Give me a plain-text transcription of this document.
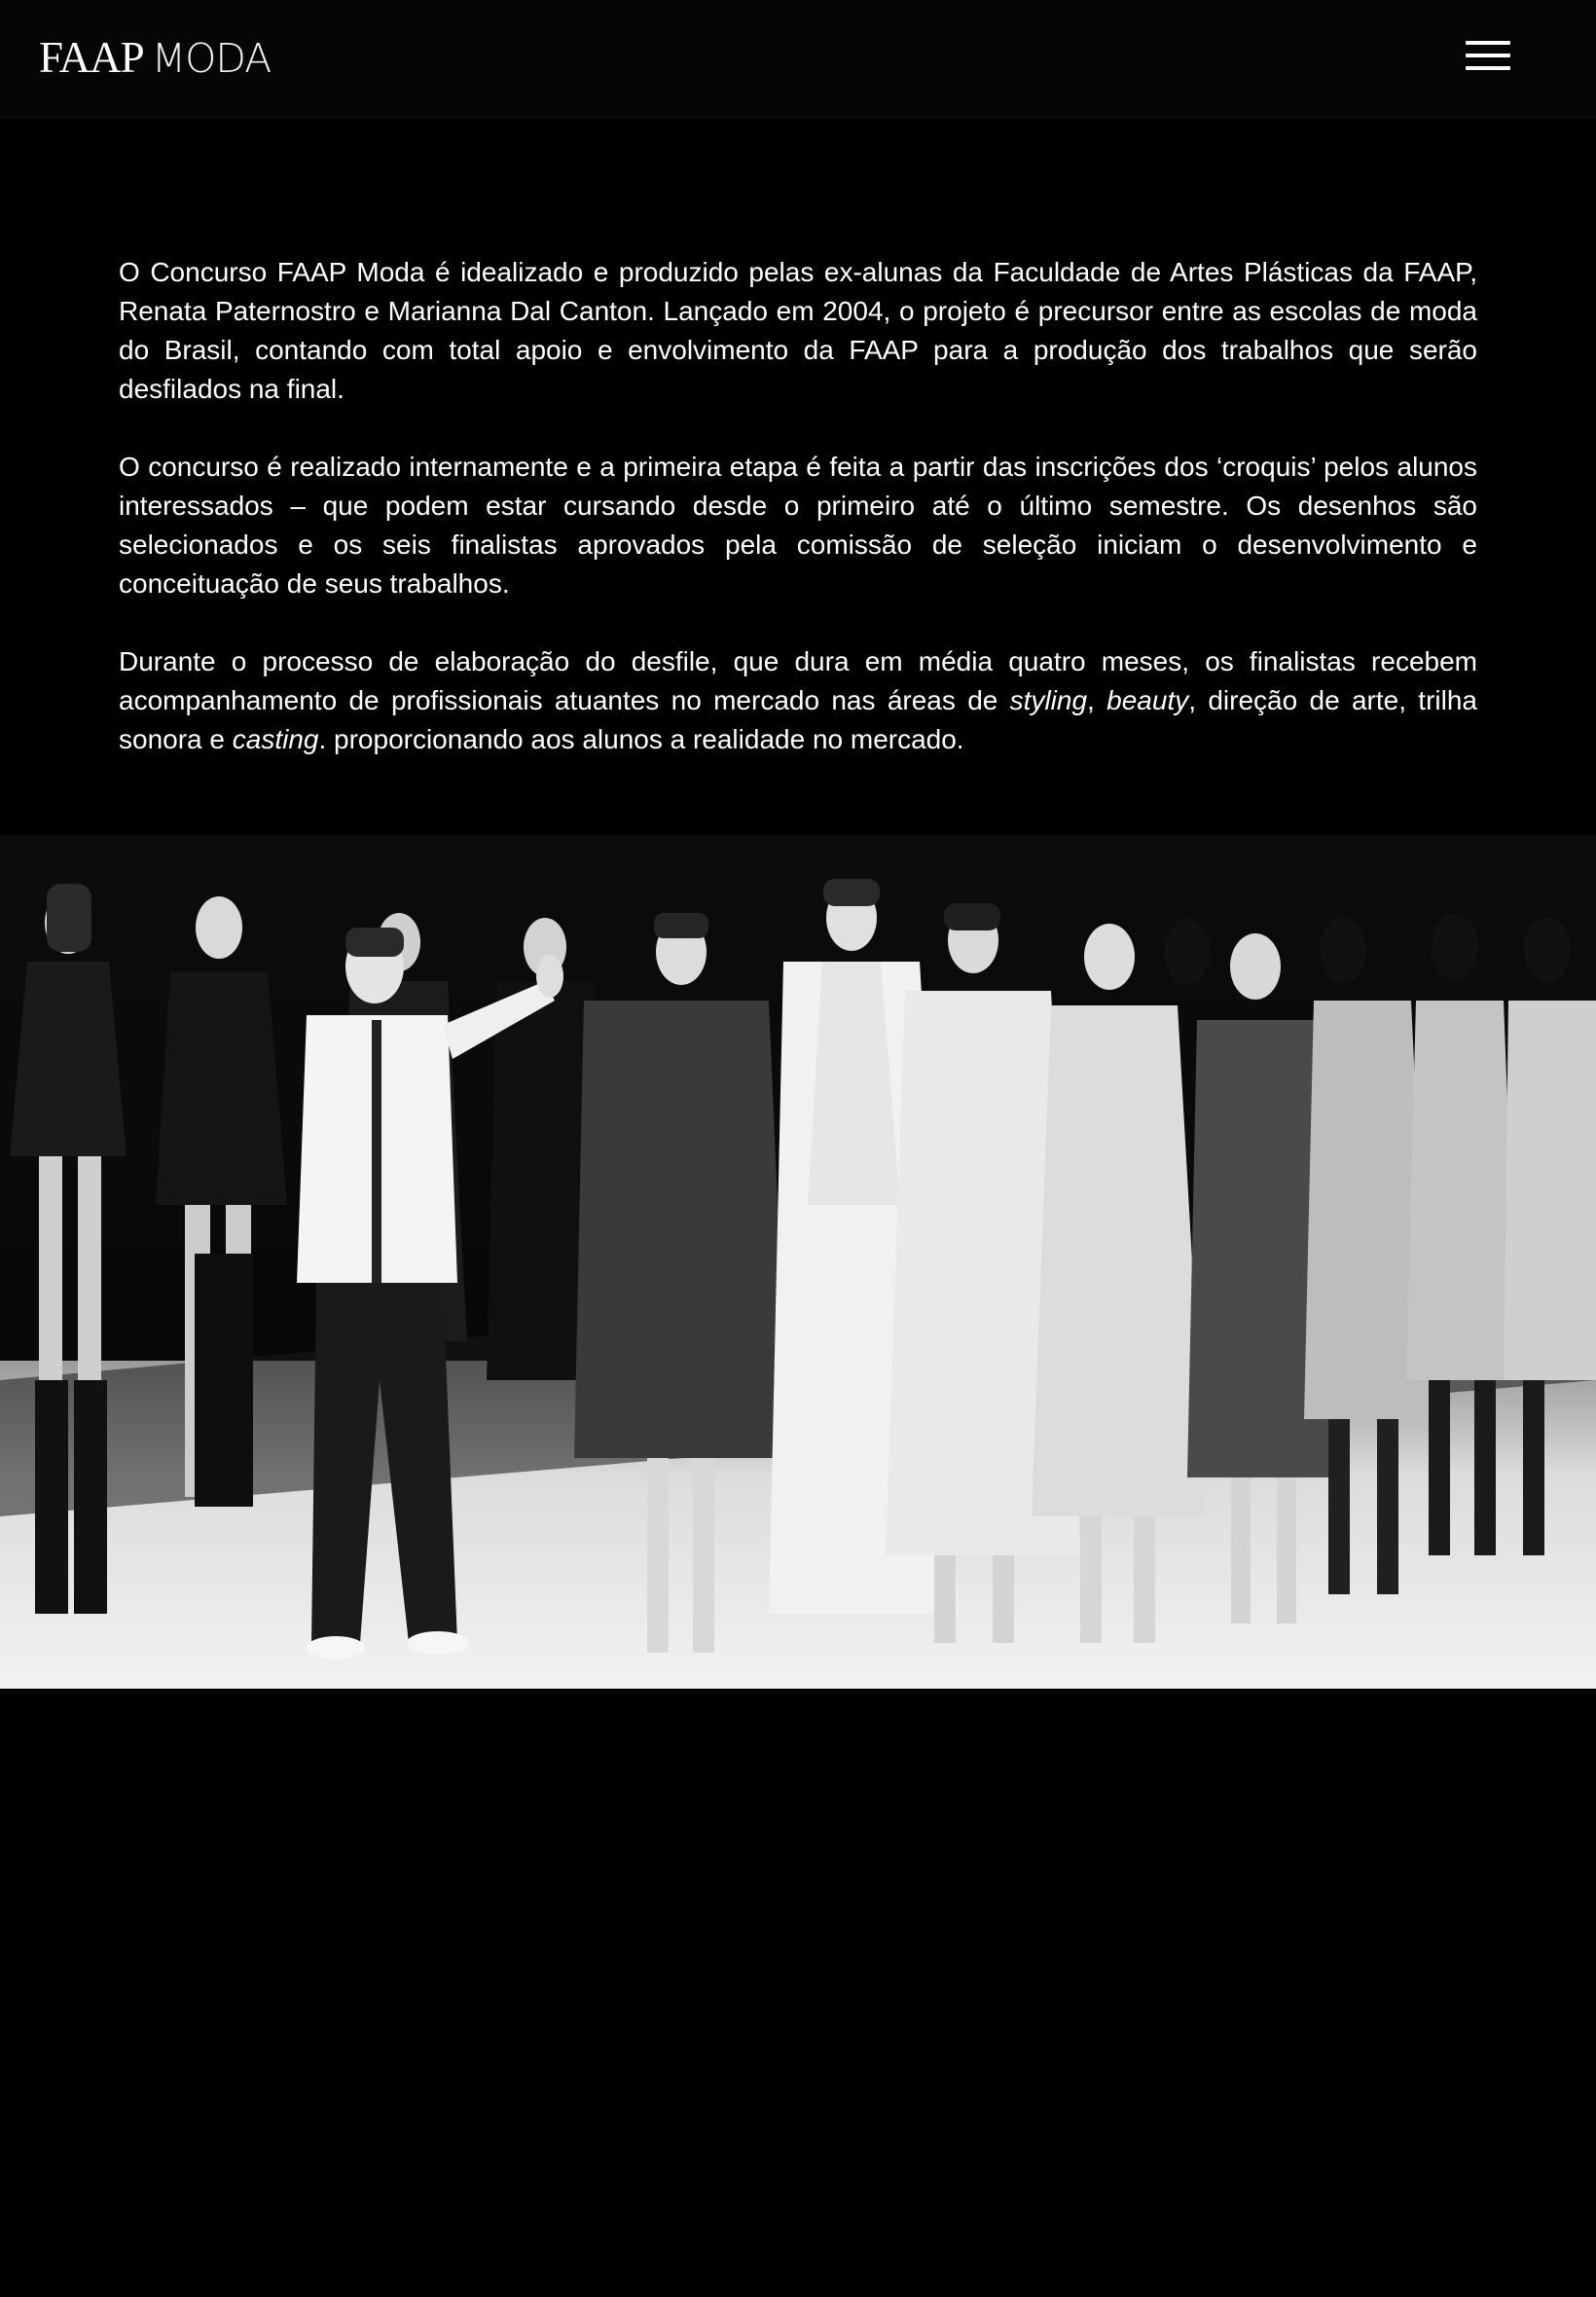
FAAP MODA

O Concurso FAAP Moda é idealizado e produzido pelas ex-alunas da Faculdade de Artes Plásticas da FAAP, Renata Paternostro e Marianna Dal Canton. Lançado em 2004, o projeto é precursor entre as escolas de moda do Brasil, contando com total apoio e envolvimento da FAAP para a produção dos trabalhos que serão desfilados na final.

O concurso é realizado internamente e a primeira etapa é feita a partir das inscrições dos ‘croquis’ pelos alunos interessados – que podem estar cursando desde o primeiro até o último semestre. Os desenhos são selecionados e os seis finalistas aprovados pela comissão de seleção iniciam o desenvolvimento e conceituação de seus trabalhos.

Durante o processo de elaboração do desfile, que dura em média quatro meses, os finalistas recebem acompanhamento de profissionais atuantes no mercado nas áreas de styling, beauty, direção de arte, trilha sonora e casting. proporcionando aos alunos a realidade no mercado.
